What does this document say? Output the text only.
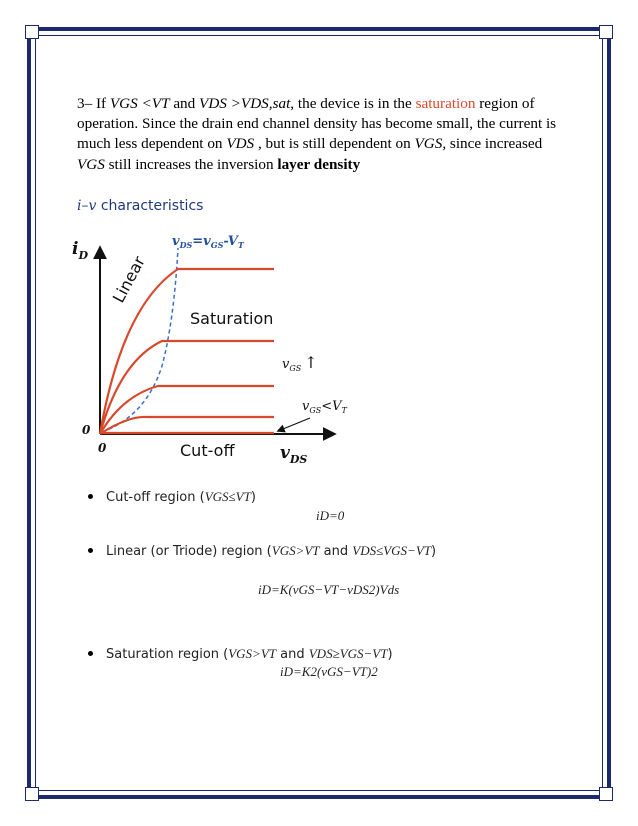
3– If VGS <VT and VDS >VDS,sat, the device is in the saturation region of operation. Since the drain end channel density has become small, the current is much less dependent on VDS , but is still dependent on VGS, since increased VGS still increases the inversion layer density
i–v characteristics
$i_D$
0
0	$v_{DS}$
Linear
Saturation
Cut-off
$v_{DS}=v_{GS}-V_T$
$v_{GS}$ ↑
$v_{GS}<V_T$
Cut-off region (VGS≤VT)
iD=0
Linear (or Triode) region (VGS>VT and VDS≤VGS−VT)
iD=K(vGS−VT−vDS2)Vds
Saturation region (VGS>VT and VDS≥VGS−VT)
iD=K2(vGS−VT)2
